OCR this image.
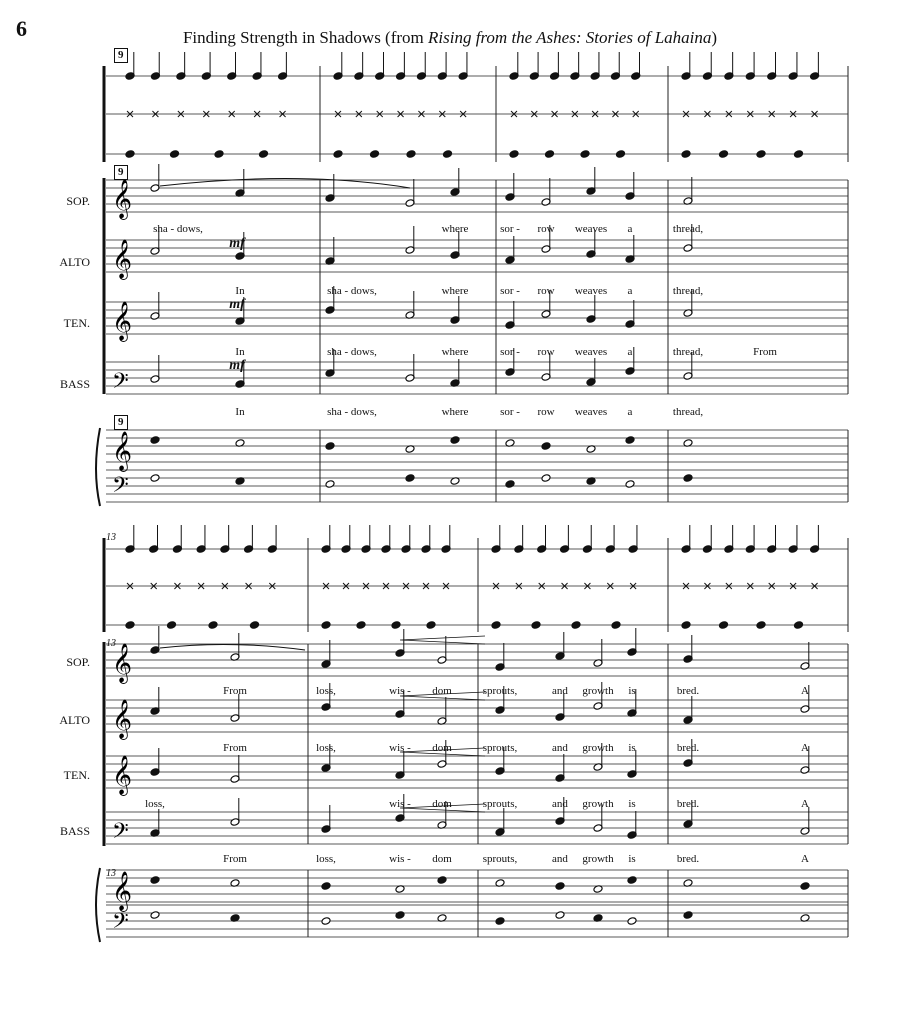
6	Finding Strength in Shadows (from Rising from the Ashes: Stories of Lahaina)
𝄞
𝄞
𝄞
𝄢
𝄞
𝄢
𝄞
𝄞
𝄞
𝄢
𝄞
𝄢
9
9
9
SOP.
ALTO
TEN.
BASS
mf
mf
mf
sha - dows,	where	sor - row weaves a	thread,
In	sha - dows,	where	sor - row weaves a	thread,
In	sha - dows,	where	sor - row weaves a	thread,	From
In	sha - dows,	where	sor - row weaves a	thread,
13
13
13
SOP.
ALTO
TEN.
BASS
From	loss,	wis - dom	sprouts,	and growth is	bred.	A
From	loss,	wis - dom	sprouts,	and growth is	bred.	A
loss,	wis - dom	sprouts,	and growth is	bred.	A
From	loss,	wis - dom	sprouts,	and growth is	bred.	A
